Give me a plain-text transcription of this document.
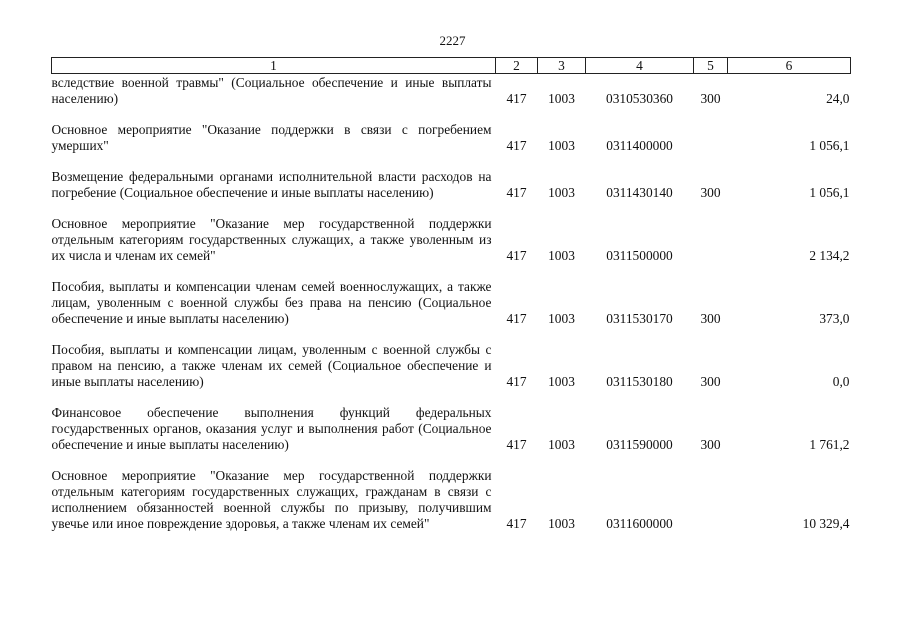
2227
1	2	3	4	5	6
вследствие военной травмы" (Социальное обеспечение и иные выплаты населению)	417	1003	0310530360	300	24,0
Основное мероприятие "Оказание поддержки в связи с погребением умерших"	417	1003	0311400000		1 056,1
Возмещение федеральными органами исполнительной власти расходов на погребение (Социальное обеспечение и иные выплаты населению)	417	1003	0311430140	300	1 056,1
Основное мероприятие "Оказание мер государственной поддержки отдельным категориям государственных служащих, а также уволенным из их числа и членам их семей"	417	1003	0311500000		2 134,2
Пособия, выплаты и компенсации членам семей военнослужащих, а также лицам, уволенным с военной службы без права на пенсию (Социальное обеспечение и иные выплаты населению)	417	1003	0311530170	300	373,0
Пособия, выплаты и компенсации лицам, уволенным с военной службы с правом на пенсию, а также членам их семей (Социальное обеспечение и иные выплаты населению)	417	1003	0311530180	300	0,0
Финансовое обеспечение выполнения функций федеральных государственных органов, оказания услуг и выполнения работ (Социальное обеспечение и иные выплаты населению)	417	1003	0311590000	300	1 761,2
Основное мероприятие "Оказание мер государственной поддержки отдельным категориям государственных служащих, гражданам в связи с исполнением обязанностей военной службы по призыву, получившим увечье или иное повреждение здоровья, а также членам их семей"	417	1003	0311600000		10 329,4
